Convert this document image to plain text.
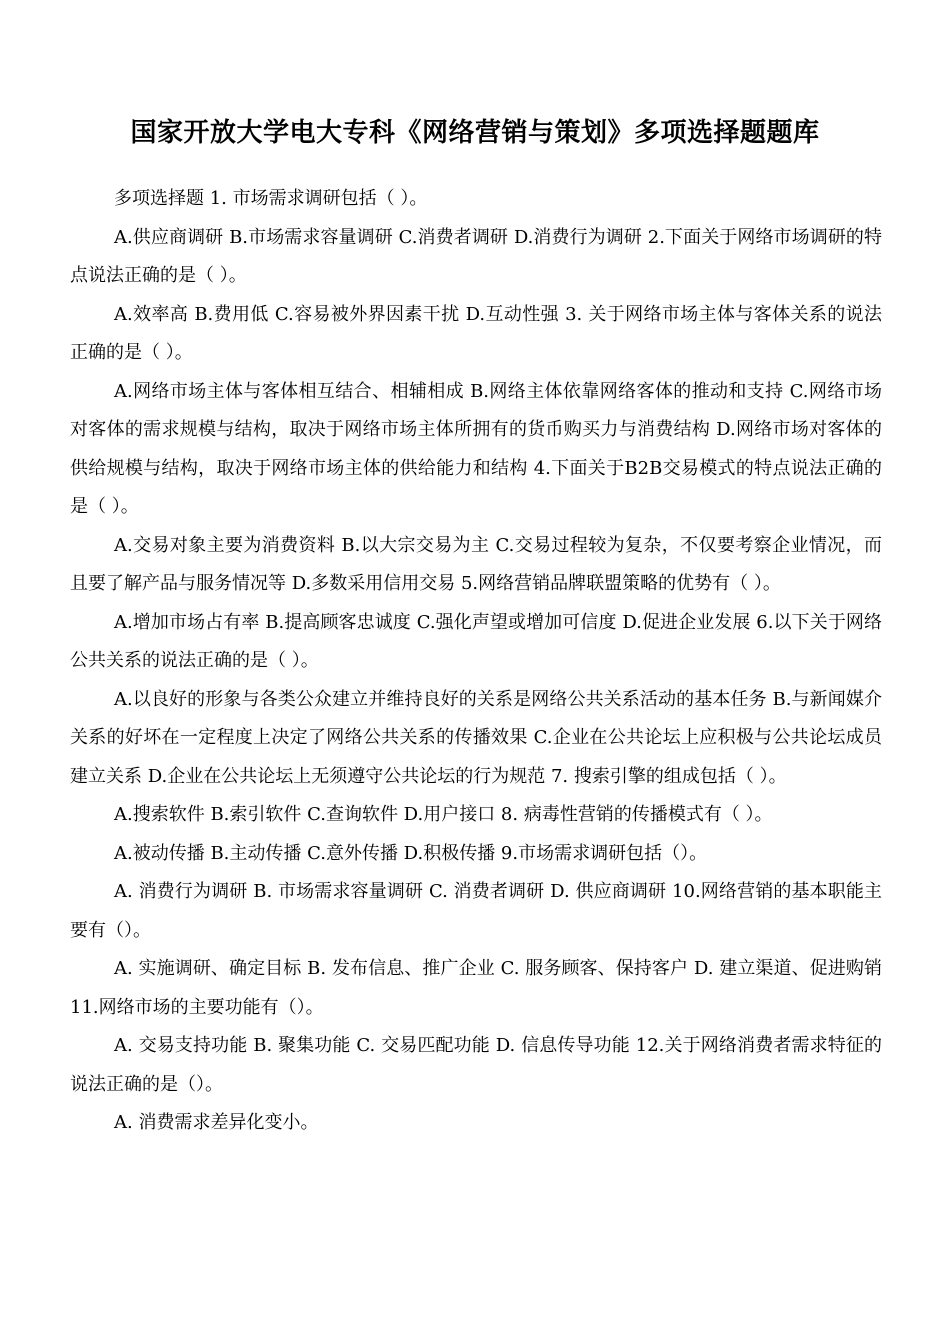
国家开放大学电大专科《网络营销与策划》多项选择题题库

多项选择题 1. 市场需求调研包括（ ）。

A.供应商调研 B.市场需求容量调研 C.消费者调研 D.消费行为调研 2.下面关于网络市场调研的特点说法正确的是（ ）。

A.效率高 B.费用低 C.容易被外界因素干扰 D.互动性强 3. 关于网络市场主体与客体关系的说法正确的是（ ）。

A.网络市场主体与客体相互结合、相辅相成 B.网络主体依靠网络客体的推动和支持 C.网络市场对客体的需求规模与结构，取决于网络市场主体所拥有的货币购买力与消费结构 D.网络市场对客体的供给规模与结构，取决于网络市场主体的供给能力和结构 4.下面关于B2B交易模式的特点说法正确的是（ ）。

A.交易对象主要为消费资料 B.以大宗交易为主 C.交易过程较为复杂，不仅要考察企业情况，而且要了解产品与服务情况等 D.多数采用信用交易 5.网络营销品牌联盟策略的优势有（ ）。

A.增加市场占有率 B.提高顾客忠诚度 C.强化声望或增加可信度 D.促进企业发展 6.以下关于网络公共关系的说法正确的是（ ）。

A.以良好的形象与各类公众建立并维持良好的关系是网络公共关系活动的基本任务 B.与新闻媒介关系的好坏在一定程度上决定了网络公共关系的传播效果 C.企业在公共论坛上应积极与公共论坛成员建立关系 D.企业在公共论坛上无须遵守公共论坛的行为规范 7. 搜索引擎的组成包括（ ）。

A.搜索软件 B.索引软件 C.查询软件 D.用户接口 8. 病毒性营销的传播模式有（ ）。

A.被动传播 B.主动传播 C.意外传播 D.积极传播 9.市场需求调研包括（）。

A. 消费行为调研 B. 市场需求容量调研 C. 消费者调研 D. 供应商调研 10.网络营销的基本职能主要有（）。

A. 实施调研、确定目标 B. 发布信息、推广企业 C. 服务顾客、保持客户 D. 建立渠道、促进购销 11.网络市场的主要功能有（）。

A. 交易支持功能 B. 聚集功能 C. 交易匹配功能 D. 信息传导功能 12.关于网络消费者需求特征的说法正确的是（）。

A. 消费需求差异化变小。
